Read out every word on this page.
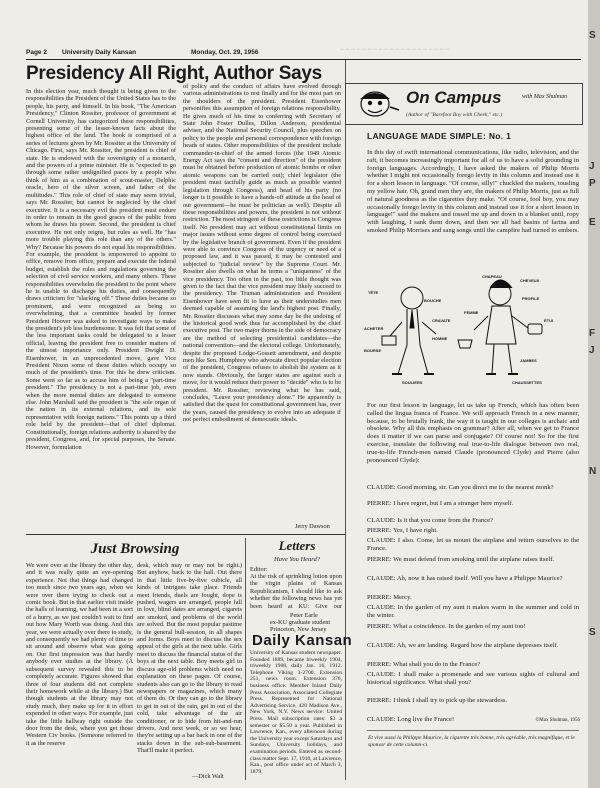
~ ~ ~ ~ ~ ~ ~ ~ ~ ~ ~ ~ ~ ~ ~ ~ ~ ~ ~ ~
Page 2 University Daily Kansan	Monday, Oct. 29, 1956
Presidency All Right, Author Says
In this election year, much thought is being given to the responsibilities the President of the United States has to the people, his party, and himself. In his book, "The American Presidency," Clinton Rossiter, professor of government at Cornell University, has categorized these responsibilities, presenting some of the lesser-known facts about the highest office of the land. The book is comprised of a series of lectures given by Mr. Rossiter at the University of Chicago. First, says Mr. Rossiter, the president is chief of state. He is endowed with the sovereignty of a monarch, and the powers of a prime minister. He is "expected to go through some rather undignified paces by a people who think of him as a combination of scout-master, Delphic oracle, hero of the silver screen, and father of the multitudes." This role of chief of state may seem trivial, says Mr. Rossiter, but cannot be neglected by the chief executive. It is a necessary evil the president must endure in order to remain in the good graces of the public from whom he draws his power. Second, the president is chief executive. He not only reigns, but rules as well. He "has more trouble playing this role than any of the others." Why? Because his powers do not equal his responsibilities. For example, the president is empowered to appoint to office, remove from office, prepare and execute the federal budget, establish the rules and regulations governing the selection of civil service workers, and many others. These responsibilities overwhelm the president to the point where he is unable to discharge his duties, and consequently draws criticism for "slacking off." These duties became so prominent, and were recognized as being so overwhelming, that a committee headed by former President Hoover was asked to investigate ways to make the president's job less burdensome. It was felt that some of the less important tasks could be delegated to a lesser official, leaving the president free to consider matters of the utmost importance only. President Dwight D. Eisenhower, in an unprecedented move, gave Vice President Nixon some of these duties which occupy so much of the president's time. For this he drew criticism. Some went so far as to accuse him of being a "part-time president." The presidency is not a part-time job, even when the more menial duties are delegated to someone else. John Marshall said the president is "the sole organ of the nation in its external relations, and its sole representative with foreign nations." This points up a third role held by the president—that of chief diplomat. Constitutionally, foreign relations authority is shared by the president, Congress, and, for special purposes, the Senate. However, formulation
of policy and the conduct of affairs have evolved through various administrations to rest finally and for the most part on the shoulders of the president. President Eisenhower personifies this assumption of foreign relations responsibility. He gives much of his time to conferring with Secretary of State John Foster Dulles, Dillon Anderson, presidential adviser, and the National Security Council, plus speeches on policy to the people and personal correspondence with foreign heads of states. Other responsibilities of the president include commander-in-chief of the armed forces (the 1949 Atomic Energy Act says the "consent and direction" of the president must be obtained before production of atomic bombs or other atomic weapons can be carried out); chief legislator (the president must tactfully guide as much as possible wanted legislation through Congress), and head of his party (no longer is it possible to have a hands-off attitude at the head of our government—he must be politician as well). Despite all these responsibilities and powers, the president is not without restriction. The most stringent of these restrictions is Congress itself. No president may act without constitutional limits on major issues without some degree of control being exercised by the legislative branch of government. Even if the president were able to convince Congress of the urgency or need of a proposed law, and it was passed, it may be contested and subjected to "judicial review" by the Supreme Court. Mr. Rossiter also dwells on what he terms a "uniqueness" of the vice presidency. Too often in the past, too little thought was given to the fact that the vice president may likely succeed to the presidency. The Truman administration and President Eisenhower have seen fit to have as their understudies men deemed capable of assuming the land's highest post. Finally, Mr. Rossiter discusses what may some day be the undoing of the historical good work thus far accomplished by the chief executive post. The two major thorns in the side of democracy are the method of selecting presidential candidates—the national convention—and the electoral college. Unfortunately, despite the proposed Lodge-Gossett amendment, and despite men like Sen. Humphrey who advocate direct popular election of the president, Congress refuses to abolish the system as it now stands. Obviously, the larger states are against such a move, for it would reduce their power to "decide" who is to be president. Mr. Rossiter, reviewing what he has said, concludes, "Leave your presidency alone." He apparently is satisfied that the quest for constitutional government has, over the years, caused the presidency to evolve into an adequate if not perfect embodiment of democratic ideals.
Jerry Dawson
Just Browsing
We were over at the library the other day, and it was really quite an eye-opening experience. Not that things had changed too much since two years ago, when we were over there trying to check out a comic book. But in that earlier visit inside the halls of learning, we had been in a sort of a hurry, as we just couldn't wait to find out how Mary Worth was doing. And this year, we were actually over there to study, and consequently we had plenty of time to sit around and observe what was going on. Our first impression was that hardly anybody ever studies at the library. (A subsequent survey revealed this to be completely accurate. Figures showed that three of four students did not complete their homework while at the library.) But though students at the library may not study much, they make up for it in effort expended in other ways. For example, just take the little hallway right outside the door from the desk, where you get those Western Civ books. (Someone referred to it as the reserve
desk, which may or may not be right.) But anyhow, back to the hall. Out there in that little five-by-five cubicle, all kinds of intrigues take place. Friends meet friends, duels are fought, dope is pushed, wagers are arranged, people fall in love, blind dates are arranged, cigarets are smoked, and problems of the world are solved. But the most popular pastime is the general bull-session, in all shapes and forms. Boys meet to discuss the sex appeal of the girls at the next table. Girls meet to discuss the financial status of the boys at the next table. Boy meets girl to discuss age-old problems which need no explanation on these pages. Of course, students also can go to the library to read newspapers or magazines, which many of them do. Or they can go to the library to get in out of the rain, get in out of the cold, take advantage of the air conditioner, or to hide from hit-and-run drivers. And next week, or so we hear, they're setting up a bar back in one of the stacks down in the sub-sub-basement. That'll make it perfect.
—Dick Walt
Letters
Have You Heard?
Editor:
At the risk of sprinkling lotion upon the virgin plains of Kansas Republicanism, I should like to ask whether the following news has yet been heard at KU: Give our
Peter Earle
ex-KU graduate student
Princeton, New Jersey
Daily Kansan
University of Kansas student newspaper. Founded 1889, became biweekly 1904, triweekly 1908, daily Jan. 16, 1912. Telephone Viking 3-2700. Extension 251, news room. Extension 376, business office. Member Inland Daily Press Association, Associated Collegiate Press. Represented for National Advertising Service, 420 Madison Ave., New York, N.Y. News service: United Press. Mail subscription rates: $3 a semester or $5.50 a year. Published in Lawrence, Kan., every afternoon during the University year except Saturdays and Sundays, University holidays, and examination periods. Entered as second-class matter Sept. 17, 1910, at Lawrence, Kan., post office under act of March 3, 1879.
On Campus	with Max Shulman
(Author of "Barefoot Boy with Cheek," etc.)
LANGUAGE MADE SIMPLE: No. 1
In this day of swift international communications, like radio, television, and the raft, it becomes increasingly important for all of us to have a solid grounding in foreign languages. Accordingly, I have asked the makers of Philip Morris whether I might not occasionally forego levity in this column and instead use it for a short lesson in language. "Of course, silly!" chuckled the makers, tousling my yellow hair. Oh, grand men they are, the makers of Philip Morris, just as full of natural goodness as the cigarettes they make. "Of course, fool boy, you may occasionally forego levity in this column and instead use it for a short lesson in language!" said the makers and tossed me up and down in a blanket until, ropy with laughing, I sank them down, and then we all had basins of farina and smoked Philip Morrises and sang songs until the campfire had turned to embers.
TÊTE
BOUCHE
FEMME
HOMME
CRAVATE
ACHETER
BOURSE
CHEVEUX
PROFILE
SOULIERS
CHAPEAU
JAMBES
CHAUSSETTES
ÉTUI
For our first lesson in language, let us take up French, which has often been called the lingua franca of France. We will approach French in a new manner, because, to be brutally frank, the way it is taught in our colleges is archaic and obsolete. Why all this emphasis on grammar? After all, when we get to France does it matter if we can parse and conjugate? Of course not! So for the first exercise, translate the following real true-to-life dialogue between two real, true-to-life French-men named Claude (pronounced Clyde) and Pierre (also pronounced Clyde):
CLAUDE: Good morning, sir. Can you direct me to the nearest monk?
PIERRE: I have regret, but I am a stranger here myself.
CLAUDE: Is it that you come from the France?
PIERRE: Yes, I have right.
CLAUDE: I also. Come, let us mount the airplane and return ourselves to the France.
PIERRE: We must defend from smoking until the airplane raises itself.
CLAUDE: Ah, now it has raised itself. Will you have a Philippe Maurice?
PIERRE: Mercy.
CLAUDE: In the garden of my aunt it makes warm in the summer and cold in the winter.
PIERRE: What a coincidence. In the garden of my aunt too!
CLAUDE: Ah, we are landing. Regard how the airplane depresses itself.
PIERRE: What shall you do in the France?
CLAUDE: I shall make a promenade and see various sights of cultural and historical significance. What shall you?
PIERRE: I think I shall try to pick up the stewardess.
CLAUDE: Long live the France!	©Max Shulman, 1956
Et vive aussi la Philippe Maurice, la cigarette très bonne, très agréable, très magnifique, et le sponsor de cette column-ci.
S
J
P
E
F
J
N
S
